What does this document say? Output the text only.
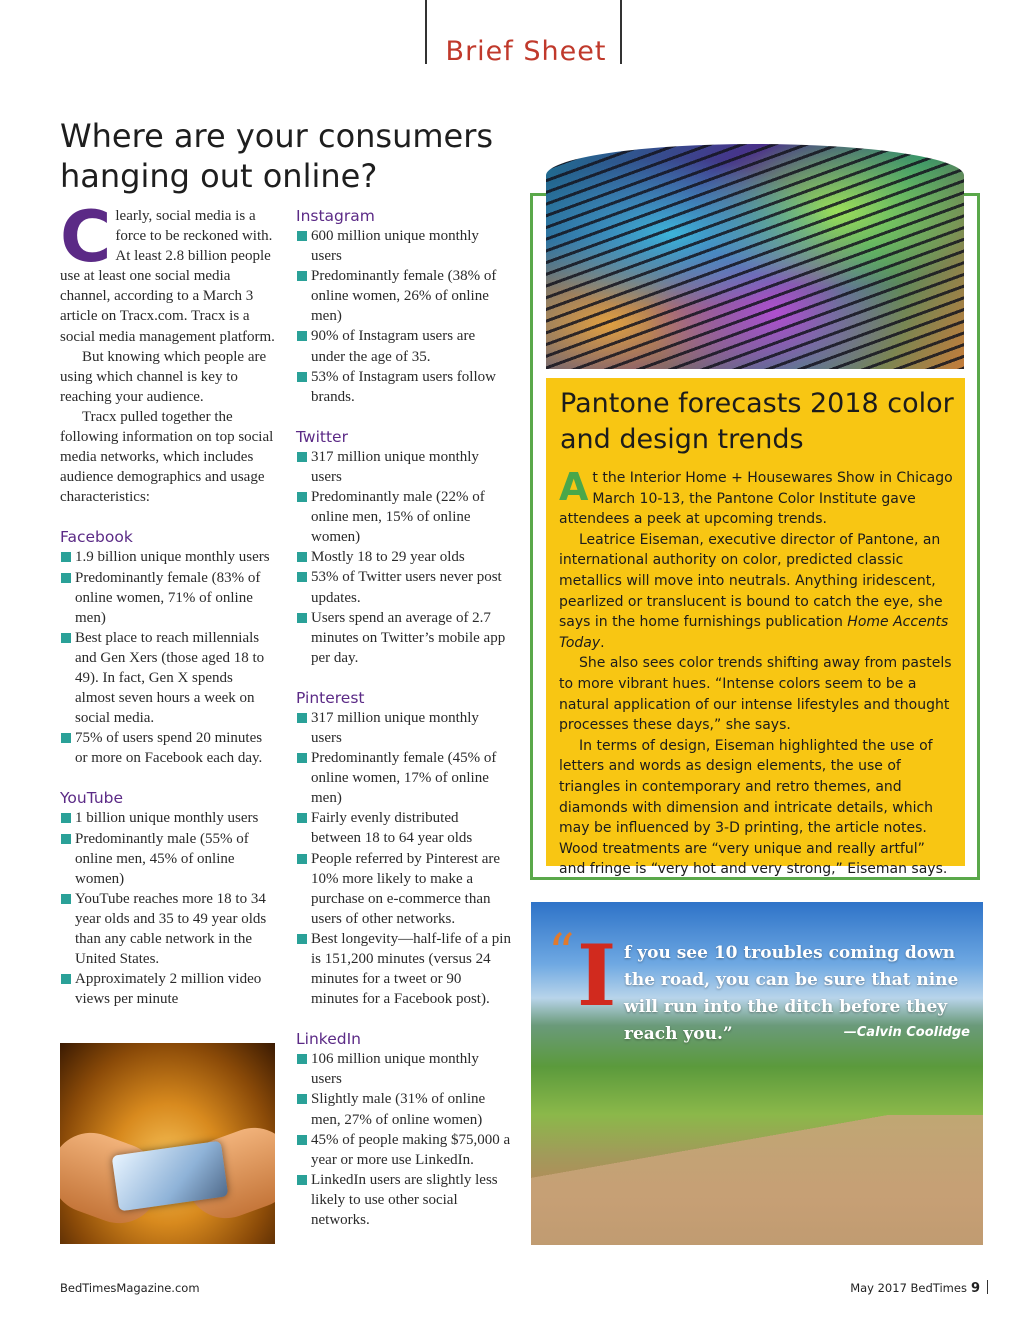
Brief Sheet
Where are your consumers hanging out online?

Clearly, social media is a force to be reckoned with. At least 2.8 billion people use at least one social media channel, according to a March 3 article on Tracx.com. Tracx is a social media management platform.

But knowing which people are using which channel is key to reaching your audience.

Tracx pulled together the following information on top social media networks, which includes audience demographics and usage characteristics:

Facebook
1.9 billion unique monthly users
Predominantly female (83% of online women, 71% of online men)
Best place to reach millennials and Gen Xers (those aged 18 to 49). In fact, Gen X spends almost seven hours a week on social media.
75% of users spend 20 minutes or more on Facebook each day.
YouTube
1 billion unique monthly users
Predominantly male (55% of online men, 45% of online women)
YouTube reaches more 18 to 34 year olds and 35 to 49 year olds than any cable network in the United States.
Approximately 2 million video views per minute
Instagram
600 million unique monthly users
Predominantly female (38% of online women, 26% of online men)
90% of Instagram users are under the age of 35.
53% of Instagram users follow brands.
Twitter
317 million unique monthly users
Predominantly male (22% of online men, 15% of online women)
Mostly 18 to 29 year olds
53% of Twitter users never post updates.
Users spend an average of 2.7 minutes on Twitter’s mobile app per day.
Pinterest
317 million unique monthly users
Predominantly female (45% of online women, 17% of online men)
Fairly evenly distributed between 18 to 64 year olds
People referred by Pinterest are 10% more likely to make a purchase on e-commerce than users of other networks.
Best longevity—half-life of a pin is 151,200 minutes (versus 24 minutes for a tweet or 90 minutes for a Facebook post).
LinkedIn
106 million unique monthly users
Slightly male (31% of online men, 27% of online women)
45% of people making $75,000 a year or more use LinkedIn.
LinkedIn users are slightly less likely to use other social networks.
Pantone forecasts 2018 color and design trends

At the Interior Home + Housewares Show in Chicago March 10-13, the Pantone Color Institute gave attendees a peek at upcoming trends.

Leatrice Eiseman, executive director of Pantone, an international authority on color, predicted classic metallics will move into neutrals. Anything iridescent, pearlized or translucent is bound to catch the eye, she says in the home furnishings publication Home Accents Today.

She also sees color trends shifting away from pastels to more vibrant hues. “Intense colors seem to be a natural application of our intense lifestyles and thought processes these days,” she says.

In terms of design, Eiseman highlighted the use of letters and words as design elements, the use of triangles in contemporary and retro themes, and diamonds with dimension and intricate details, which may be influenced by 3-D printing, the article notes. Wood treatments are “very unique and really artful” and fringe is “very hot and very strong,” Eiseman says.

“ I f you see 10 troubles coming down the road, you can be sure that nine will run into the ditch before they reach you.”	—Calvin Coolidge
BedTimesMagazine.com	May 2017 BedTimes 9
